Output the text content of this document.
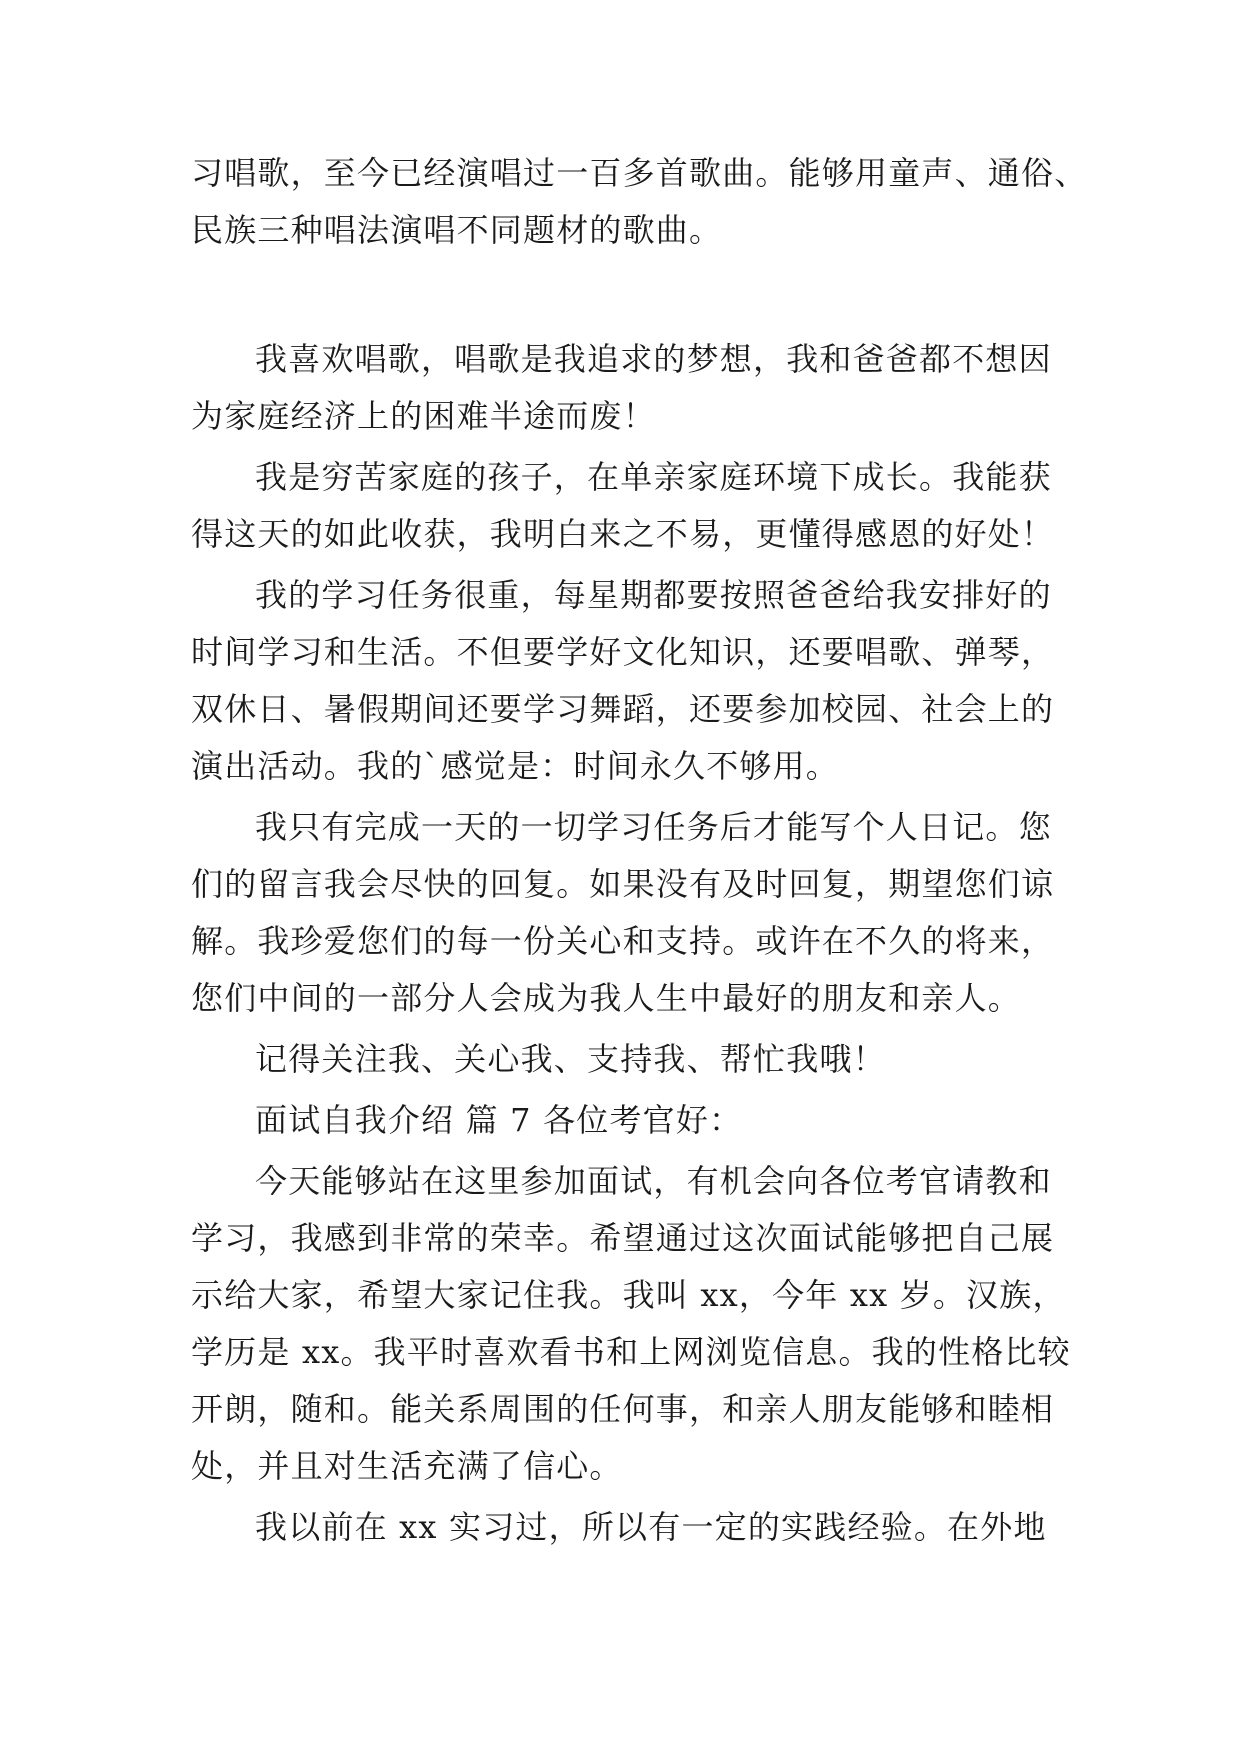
习唱歌，至今已经演唱过一百多首歌曲。能够用童声、通俗、

民族三种唱法演唱不同题材的歌曲。

我喜欢唱歌，唱歌是我追求的梦想，我和爸爸都不想因

为家庭经济上的困难半途而废！

我是穷苦家庭的孩子，在单亲家庭环境下成长。我能获

得这天的如此收获，我明白来之不易，更懂得感恩的好处！

我的学习任务很重，每星期都要按照爸爸给我安排好的

时间学习和生活。不但要学好文化知识，还要唱歌、弹琴，

双休日、暑假期间还要学习舞蹈，还要参加校园、社会上的

演出活动。我的`感觉是：时间永久不够用。

我只有完成一天的一切学习任务后才能写个人日记。您

们的留言我会尽快的回复。如果没有及时回复，期望您们谅

解。我珍爱您们的每一份关心和支持。或许在不久的将来，

您们中间的一部分人会成为我人生中最好的朋友和亲人。

记得关注我、关心我、支持我、帮忙我哦！

面试自我介绍 篇 7 各位考官好：

今天能够站在这里参加面试，有机会向各位考官请教和

学习，我感到非常的荣幸。希望通过这次面试能够把自己展

示给大家，希望大家记住我。我叫 xx，今年 xx 岁。汉族，

学历是 xx。我平时喜欢看书和上网浏览信息。我的性格比较

开朗，随和。能关系周围的任何事，和亲人朋友能够和睦相

处，并且对生活充满了信心。

我以前在 xx 实习过，所以有一定的实践经验。在外地
